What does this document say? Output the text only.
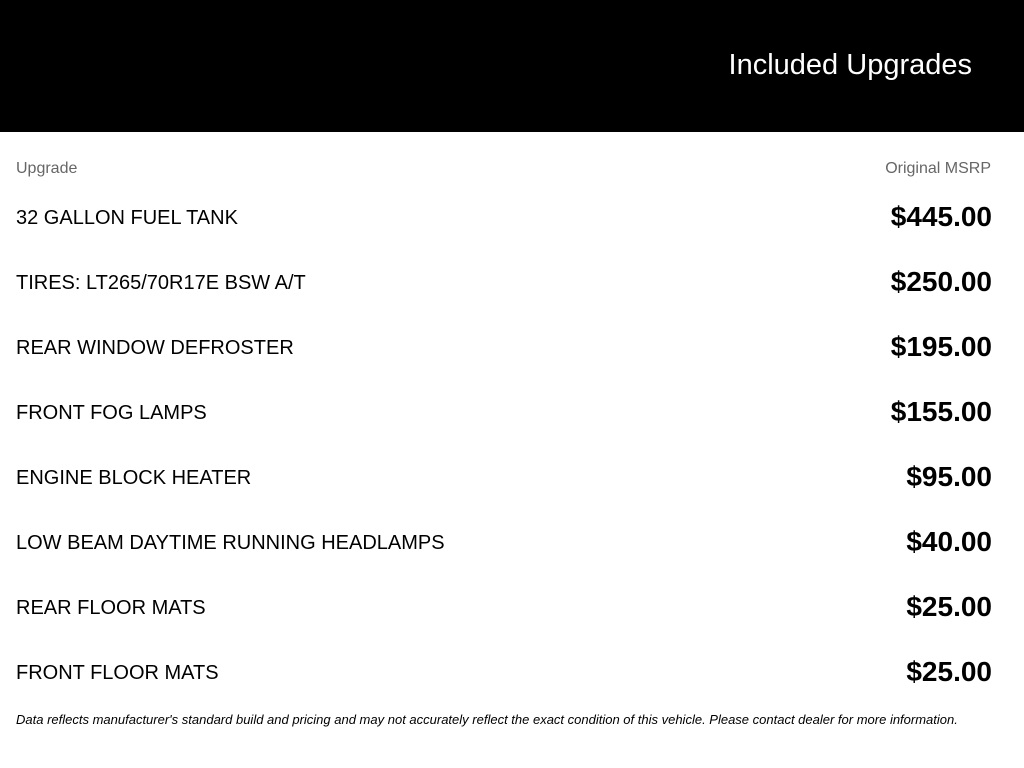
Included Upgrades
Upgrade	Original MSRP
32 GALLON FUEL TANK	$445.00
TIRES: LT265/70R17E BSW A/T	$250.00
REAR WINDOW DEFROSTER	$195.00
FRONT FOG LAMPS	$155.00
ENGINE BLOCK HEATER	$95.00
LOW BEAM DAYTIME RUNNING HEADLAMPS	$40.00
REAR FLOOR MATS	$25.00
FRONT FLOOR MATS	$25.00
Data reflects manufacturer's standard build and pricing and may not accurately reflect the exact condition of this vehicle. Please contact dealer for more information.
